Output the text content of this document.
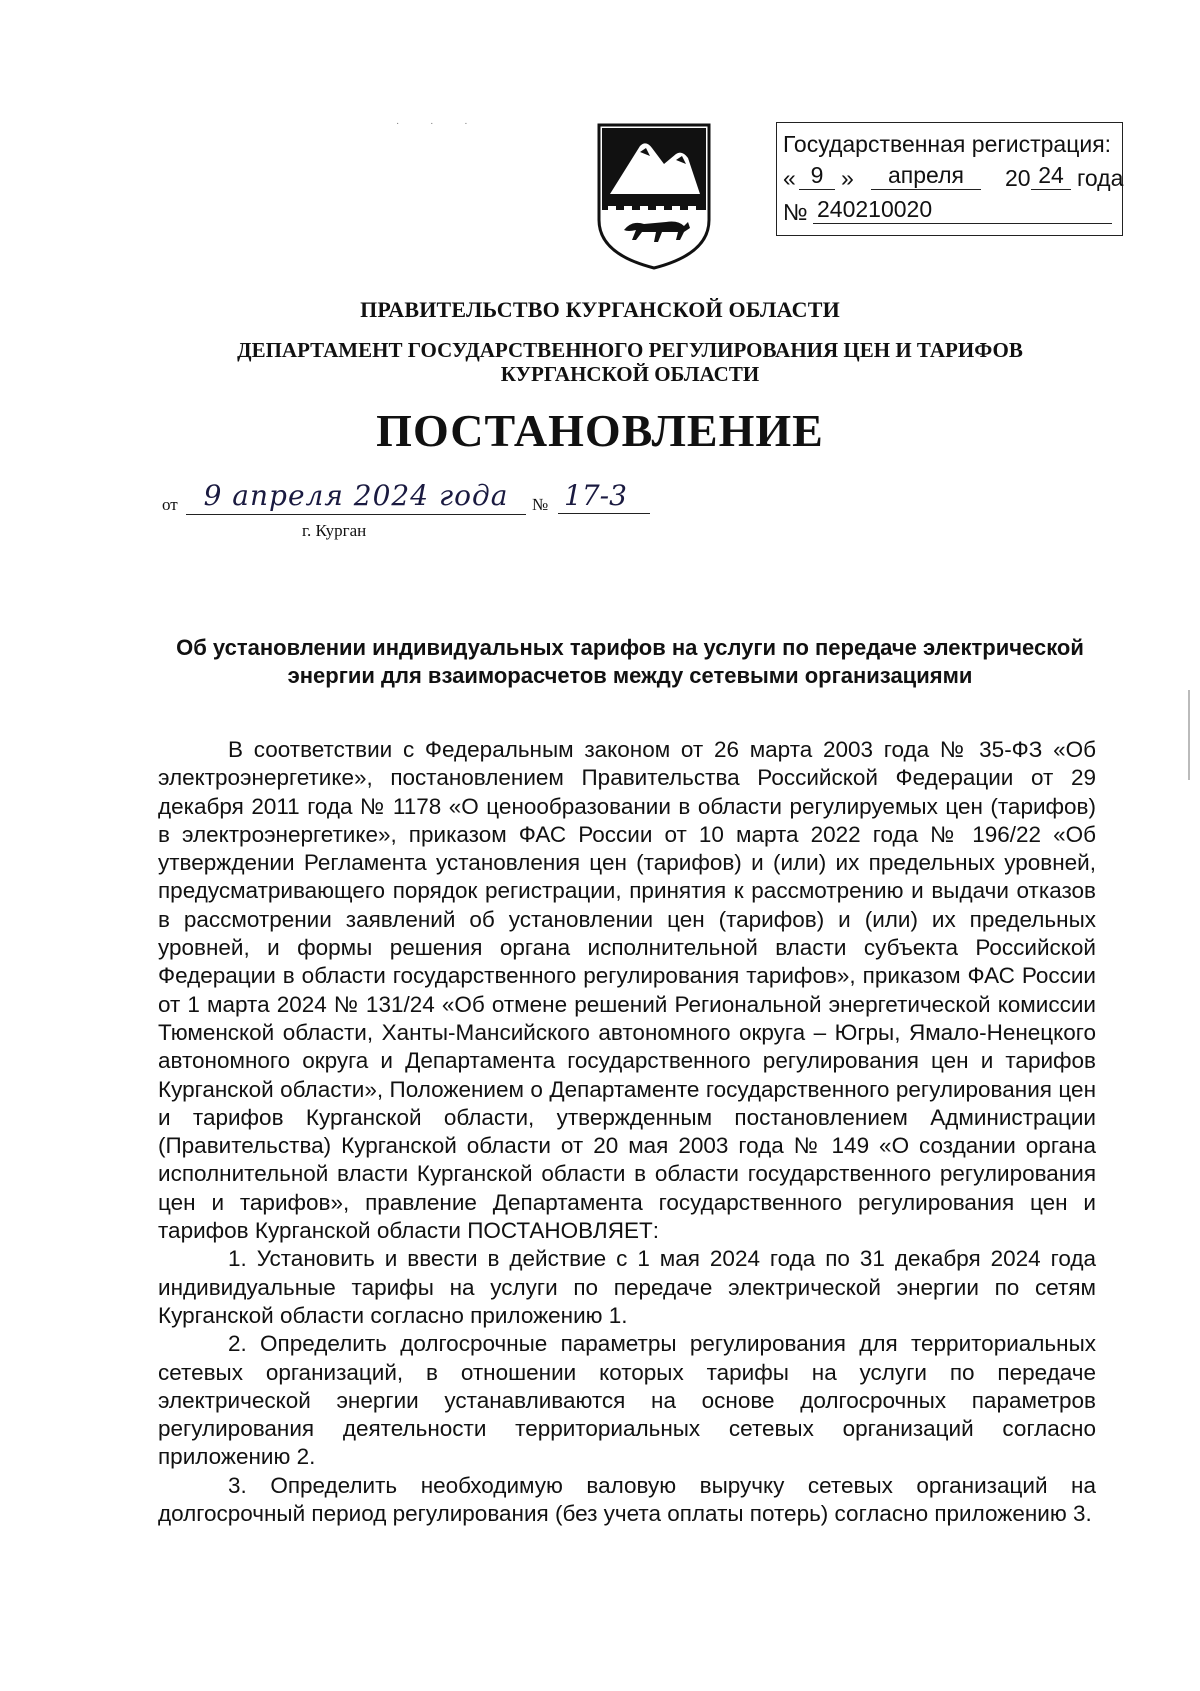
· · ·
Государственная регистрация:
« 9 »	апреля	20 24 года
№ 240210020
ПРАВИТЕЛЬСТВО КУРГАНСКОЙ ОБЛАСТИ
ДЕПАРТАМЕНТ ГОСУДАРСТВЕННОГО РЕГУЛИРОВАНИЯ ЦЕН И ТАРИФОВ КУРГАНСКОЙ ОБЛАСТИ
ПОСТАНОВЛЕНИЕ
от 9 апреля 2024 года	№ 17-3
г. Курган
Об установлении индивидуальных тарифов на услуги по передаче электрической энергии для взаиморасчетов между сетевыми организациями

В соответствии с Федеральным законом от 26 марта 2003 года № 35-ФЗ «Об электроэнергетике», постановлением Правительства Российской Федерации от 29 декабря 2011 года № 1178 «О ценообразовании в области регулируемых цен (тарифов) в электроэнергетике», приказом ФАС России от 10 марта 2022 года № 196/22 «Об утверждении Регламента установления цен (тарифов) и (или) их предельных уровней, предусматривающего порядок регистрации, принятия к рассмотрению и выдачи отказов в рассмотрении заявлений об установлении цен (тарифов) и (или) их предельных уровней, и формы решения органа исполнительной власти субъекта Российской Федерации в области государственного регулирования тарифов», приказом ФАС России от 1 марта 2024 № 131/24 «Об отмене решений Региональной энергетической комиссии Тюменской области, Ханты-Мансийского автономного округа – Югры, Ямало-Ненецкого автономного округа и Департамента государственного регулирования цен и тарифов Курганской области», Положением о Департаменте государственного регулирования цен и тарифов Курганской области, утвержденным постановлением Администрации (Правительства) Курганской области от 20 мая 2003 года № 149 «О создании органа исполнительной власти Курганской области в области государственного регулирования цен и тарифов», правление Департамента государственного регулирования цен и тарифов Курганской области ПОСТАНОВЛЯЕТ:

1. Установить и ввести в действие с 1 мая 2024 года по 31 декабря 2024 года индивидуальные тарифы на услуги по передаче электрической энергии по сетям Курганской области согласно приложению 1.

2. Определить долгосрочные параметры регулирования для территориальных сетевых организаций, в отношении которых тарифы на услуги по передаче электрической энергии устанавливаются на основе долгосрочных параметров регулирования деятельности территориальных сетевых организаций согласно приложению 2.

3. Определить необходимую валовую выручку сетевых организаций на долгосрочный период регулирования (без учета оплаты потерь) согласно приложению 3.
